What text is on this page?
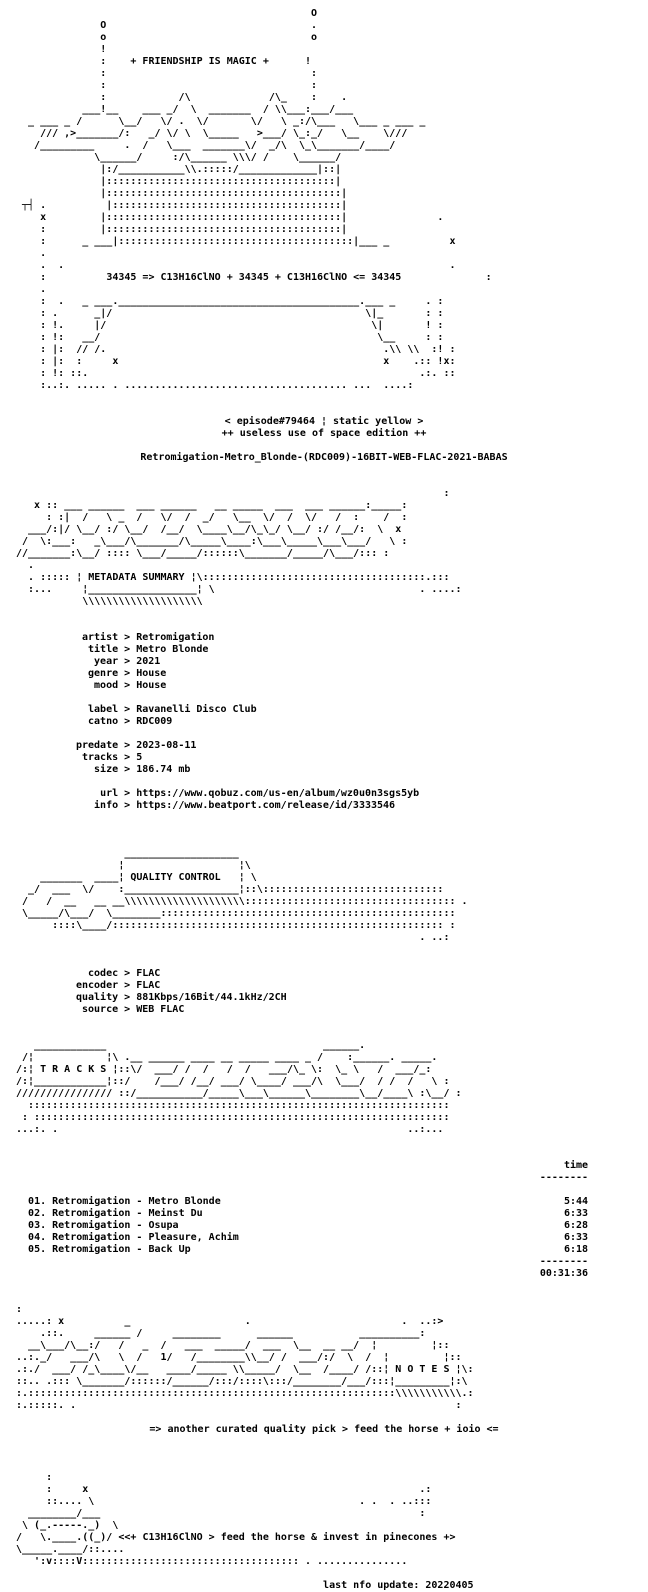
O
O                                  .
o                                  o
!
:    + FRIENDSHIP IS MAGIC +      !
:                                  :
:                                  :
:            /\             /\_    :    .
___!__    ___ _/  \  _______  / \\___:___/___
_ ___ _ /      \__/   \/ .  \/       \/   \ _:/\___   \___ _ ___ _
/// ,>_______/:   _/ \/ \  \_____   >___/ \_:_/   \__    \///
/_________     .  /   \___  _______\/  _/\  \_\_______/____/
\______/     :/\______ \\\/ /    \______/
|:/___________\\.:::::/_____________|::|
|::::::::::::::::::::::::::::::::::::::|
|:::::::::::::::::::::::::::::::::::::::|
┬┤ .          |::::::::::::::::::::::::::::::::::::::|
x         |:::::::::::::::::::::::::::::::::::::::|               .
:         |:::::::::::::::::::::::::::::::::::::::|
:      _ ___|:::::::::::::::::::::::::::::::::::::::|___ _          x
.
.  .                                                                .

:          34345 => C13H16ClNO + 34345 + C13H16ClNO <= 34345              :
.
:  .   _ ___.________________________________________.___ _     . :
: .      _|/                                          \|_       : :
: !.     |/                                            \|       ! :
: !:   __/                                              \__     : :
: |:  // /.                                              .\\ \\  :! :
: |:  :     x                                            x    .:: !x:
: !: ::.                                                       .:. ::
:..:. ..... . ..................................... ...  ....:
< episode#79464 ¦ static yellow >
++ useless use of space edition ++
Retromigation-Metro_Blonde-(RDC009)-16BIT-WEB-FLAC-2021-BABAS
:
x :: ___ ______  ___ ______   __ _____  ___  ___ ______:_____:
: :|  /   \ _  /   \/  /  _/   \__  \/  /  \/   /  :    /  :
___/:|/ \__/ :/ \__/  /__/  \____\__/\_\_/ \__/ :/ /__/:  \  x
/  \:___:   _\___/\_______/\_____\____:\___\_____\___\___/   \ :
//_______:\__/ :::: \___/_____/::::::\_______/_____/\___/::: :
.
. ::::: ¦ METADATA SUMMARY ¦\:::::::::::::::::::::::::::::::::::::.:::
:...     ¦__________________¦ \                                  . ....:
\\\\\\\\\\\\\\\\\\\\
artist > Retromigation
title > Metro Blonde
year > 2021
genre > House
mood > House
label > Ravanelli Disco Club
catno > RDC009
predate > 2023-08-11
tracks > 5
size > 186.74 mb
url > https://www.qobuz.com/us-en/album/wz0u0n3sgs5yb
info > https://www.beatport.com/release/id/3333546
___________________
¦                   ¦\

_______  ____¦ QUALITY CONTROL   ¦ \
_/  ___  \/    :___________________¦::\::::::::::::::::::::::::::::::
/   /  __   __ __\\\\\\\\\\\\\\\\\\\\::::::::::::::::::::::::::::::::::: .
\_____/\___/  \________:::::::::::::::::::::::::::::::::::::::::::::::::
::::\____/::::::::::::::::::::::::::::::::::::::::::::::::::::::: :
. ..:
codec > FLAC
encoder > FLAC
quality > 881Kbps/16Bit/44.1kHz/2CH
source > WEB FLAC
____________                                    ______.
/¦            ¦\ .__ ______ ____ __ _____ ____ _ /    :______. _____.

/:¦ T R A C K S ¦::\/  ___/ /  /   /  /   ___/\_ \:  \_ \   /  ___/_:
/:¦____________¦::/    /___/ /__/ ___/ \____/ ___/\  \___/  / /  /   \ :
//////////////// ::/___________/_____\___\______\________\__/____\ :\__/ :
::::::::::::::::::::::::::::::::::::::::::::::::::::::::::::::::::::::
: :::::::::::::::::::::::::::::::::::::::::::::::::::::::::::::::::::::
...:. .                                                          ..:...
time
--------
01. Retromigation - Metro Blonde	5:44
02. Retromigation - Meinst Du	6:33
03. Retromigation - Osupa	6:28
04. Retromigation - Pleasure, Achim	6:33
05. Retromigation - Back Up	6:18
--------
00:31:36
:
.....: x          _                   .                         .  ..:>
.::.     ______ /     ________      ______           __________:
__\___/\__:/   /   _  /   ___  _____/  ___  \__  __ __/  ¦         ¦::
..:._/   ___/\   \  /   1/   /________\\__/ /  ___/:/  \  /  ¦         ¦::

.:./  ___/ /_\____\/__   ____/_____ \\_____/  \__  /____/ /::¦ N O T E S ¦\:
::.. .::: \_______/::::::/______/:::/::::\:::/________/___/:::¦_________¦:\
:.:::::::::::::::::::::::::::::::::::::::::::::::::::::::::::::\\\\\\\\\\\.:
:.:::::. .                                                               :
=> another curated quality pick > feed the horse + ioio <=
:
:     x                                                       .:
::.... \                                            . .  . ..:::
________/___                                                     :
\ (_.-----._)  \
/   \.____.((_)/ <<+ C13H16ClNO > feed the horse & invest in pinecones +>
\_____.____/::....
':v::::V:::::::::::::::::::::::::::::::::::: . ...............
last nfo update: 20220405
